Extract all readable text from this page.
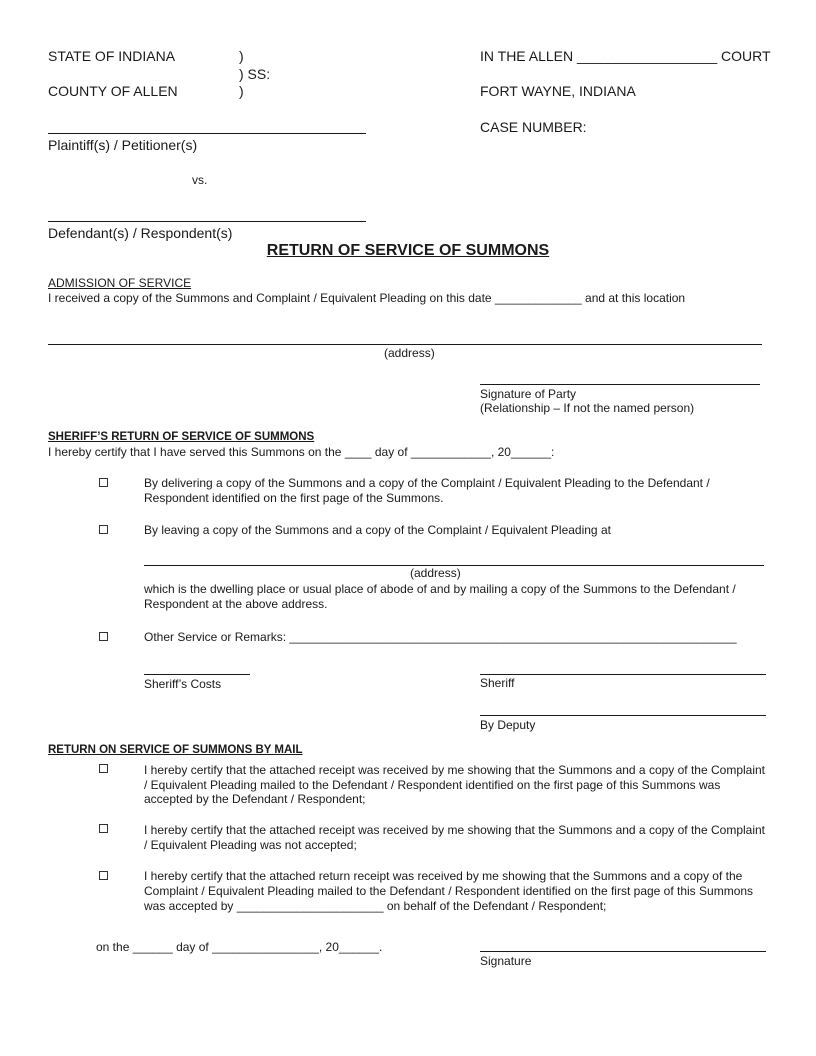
STATE OF INDIANA	)
) SS:
COUNTY OF ALLEN	)
IN THE ALLEN __________________ COURT
FORT WAYNE, INDIANA
CASE NUMBER:
Plaintiff(s) / Petitioner(s)
vs.
Defendant(s) / Respondent(s)
RETURN OF SERVICE OF SUMMONS
ADMISSION OF SERVICE
I received a copy of the Summons and Complaint / Equivalent Pleading on this date _____________ and at this location
(address)
Signature of Party
(Relationship – If not the named person)
SHERIFF’S RETURN OF SERVICE OF SUMMONS
I hereby certify that I have served this Summons on the ____ day of ____________, 20______:
By delivering a copy of the Summons and a copy of the Complaint / Equivalent Pleading to the Defendant /
Respondent identified on the first page of the Summons.
By leaving a copy of the Summons and a copy of the Complaint / Equivalent Pleading at
(address)
which is the dwelling place or usual place of abode of and by mailing a copy of the Summons to the Defendant /
Respondent at the above address.
Other Service or Remarks: ___________________________________________________________________
Sheriff’s Costs	Sheriff
By Deputy
RETURN ON SERVICE OF SUMMONS BY MAIL
I hereby certify that the attached receipt was received by me showing that the Summons and a copy of the Complaint
/ Equivalent Pleading mailed to the Defendant / Respondent identified on the first page of this Summons was
accepted by the Defendant / Respondent;
I hereby certify that the attached receipt was received by me showing that the Summons and a copy of the Complaint
/ Equivalent Pleading was not accepted;
I hereby certify that the attached return receipt was received by me showing that the Summons and a copy of the
Complaint / Equivalent Pleading mailed to the Defendant / Respondent identified on the first page of this Summons
was accepted by ______________________ on behalf of the Defendant / Respondent;
on the ______ day of ________________, 20______.
Signature
